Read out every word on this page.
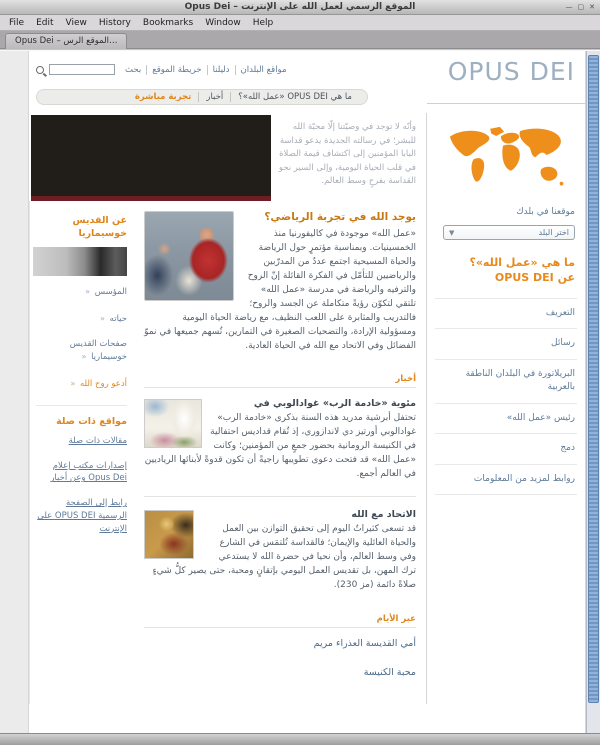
Opus Dei – الموقع الرسمي لعمل الله على الإنترنت	— ▢ ✕
File Edit View History Bookmarks Window Help
Opus Dei – الموقع الرس…
OPUS DEI
مواقع البلدان
دليلنا
خريطة الموقع
بحث
ما هي OPUS DEI «عمل الله»؟
أخبار
تجربة مباشرة
وأنّه لا توجد في وصيّتنا إلّا محبّة الله للبشر؛ في رسالته الجديدة يدعو قداسة البابا المؤمنين إلى اكتشاف قيمة الصلاة في قلب الحياة اليومية، وإلى السير نحو القداسة بفرحٍ وسط العالم.
عن القديس خوسيماريا
المؤسس «
حياته «
صفحات القديس خوسيماريا «
أدعو روح الله «
مواقع ذات صلة
مقالات ذات صلة
إصدارات مكتب إعلام Opus Dei وعن أخبار
رابط إلى الصفحة الرسمية OPUS DEI على الإنترنت
يوجد الله في تجربة الرياضي؟

«عمل الله» موجودة في كاليفورنيا منذ الخمسينيات. وبمناسبة مؤتمرٍ حول الرياضة والحياة المسيحية اجتمع عددٌ من المدرّبين والرياضيين للتأمّل في الفكرة القائلة إنّ الروح والترفيه والرياضة في مدرسة «عمل الله» تلتقي لتكوّن رؤيةً متكاملة عن الجسد والروح؛ فالتدريب والمثابرة على اللعب النظيف، مع رياضة الحياة اليومية ومسؤولية الإرادة، والتضحيات الصغيرة في التمارين، تُسهم جميعها في نموّ الفضائل وفي الاتحاد مع الله في الحياة العادية.

أخبار
مئوية «خادمة الرب» غوادالوبي في

تحتفل أبرشية مدريد هذه السنة بذكرى «خادمة الرب» غوادالوبي أورتيز دي لاندازوري، إذ تُقام قداديس احتفالية في الكنيسة الرومانية بحضور جمعٍ من المؤمنين؛ وكانت «عمل الله» قد فتحت دعوى تطويبها راجيةً أن تكون قدوةً لأبنائها الرياديين في العالم أجمع.

الاتحاد مع الله

قد تسعى كثيراتٌ اليوم إلى تحقيق التوازن بين العمل والحياة العائلية والإيمان؛ فالقداسة تُلتمَس في الشارع وفي وسط العالم، وأن نحيا في حضرة الله لا يستدعي ترك المهن، بل تقديس العمل اليومي بإتقانٍ ومحبة، حتى يصير كلُّ شيءٍ صلاةً دائمة (مز 230).

عبر الأيام
أمي القديسة العذراء مريم
محبة الكنيسة
موقعنا في بلدك
اختر البلد
▼
ما هي «عمل الله»؟
عن OPUS DEI
التعريف
رسائل
البريلاتورة في البلدان الناطقة بالعربية
رئيس «عمل الله»
دمج
روابط لمزيد من المعلومات
